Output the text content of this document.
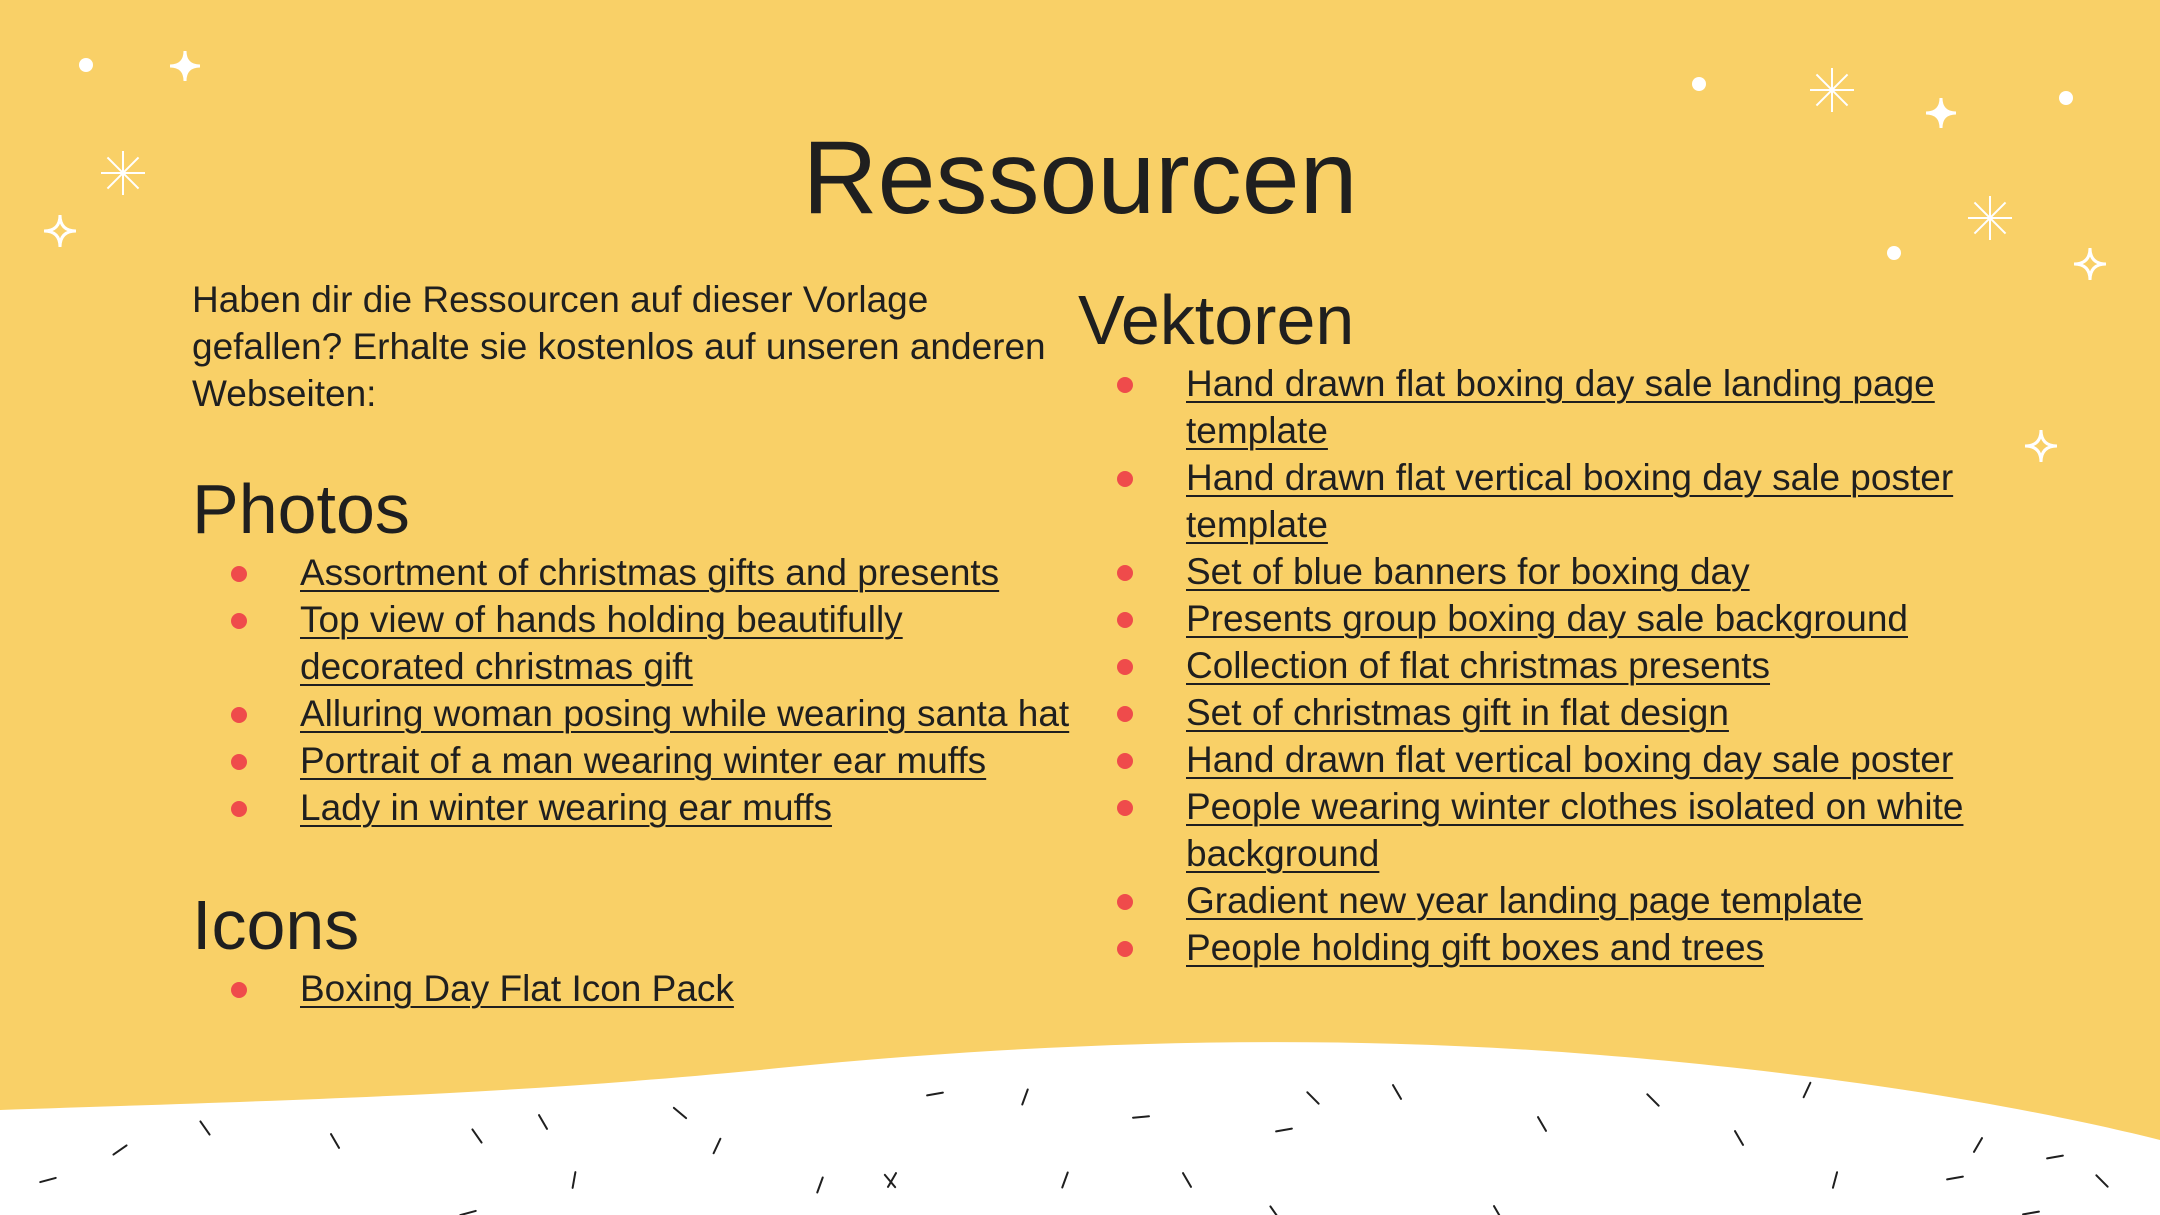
Ressourcen

Haben dir die Ressourcen auf dieser Vorlage gefallen? Erhalte sie kostenlos auf unseren anderen Webseiten:

Photos
Assortment of christmas gifts and presents
Top view of hands holding beautifully decorated christmas gift
Alluring woman posing while wearing santa hat
Portrait of a man wearing winter ear muffs
Lady in winter wearing ear muffs
Icons
Boxing Day Flat Icon Pack
Vektoren
Hand drawn flat boxing day sale landing page template
Hand drawn flat vertical boxing day sale poster template
Set of blue banners for boxing day
Presents group boxing day sale background
Collection of flat christmas presents
Set of christmas gift in flat design
Hand drawn flat vertical boxing day sale poster
People wearing winter clothes isolated on white background
Gradient new year landing page template
People holding gift boxes and trees
